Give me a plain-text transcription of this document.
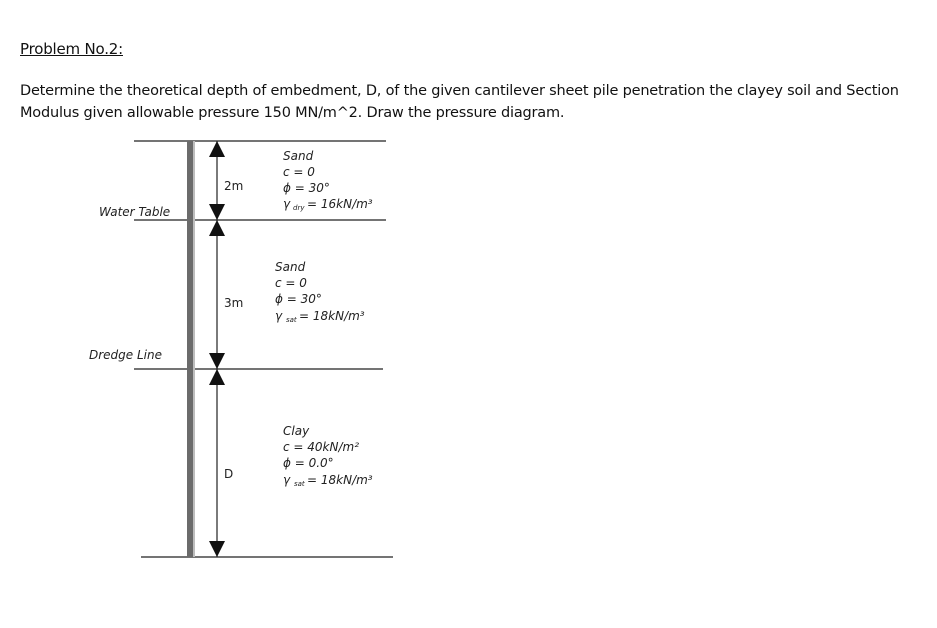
Problem No.2:
Determine the theoretical depth of embedment, D, of the given cantilever sheet pile penetration the clayey soil and Section Modulus given allowable pressure 150 MN/m^2. Draw the pressure diagram.
2m
3m
D
Water Table
Dredge Line
Sand
c = 0
ϕ = 30°
γ dry = 16kN/m³
Sand
c = 0
ϕ = 30°
γ sat = 18kN/m³
Clay
c = 40kN/m²
ϕ = 0.0°
γ sat = 18kN/m³
